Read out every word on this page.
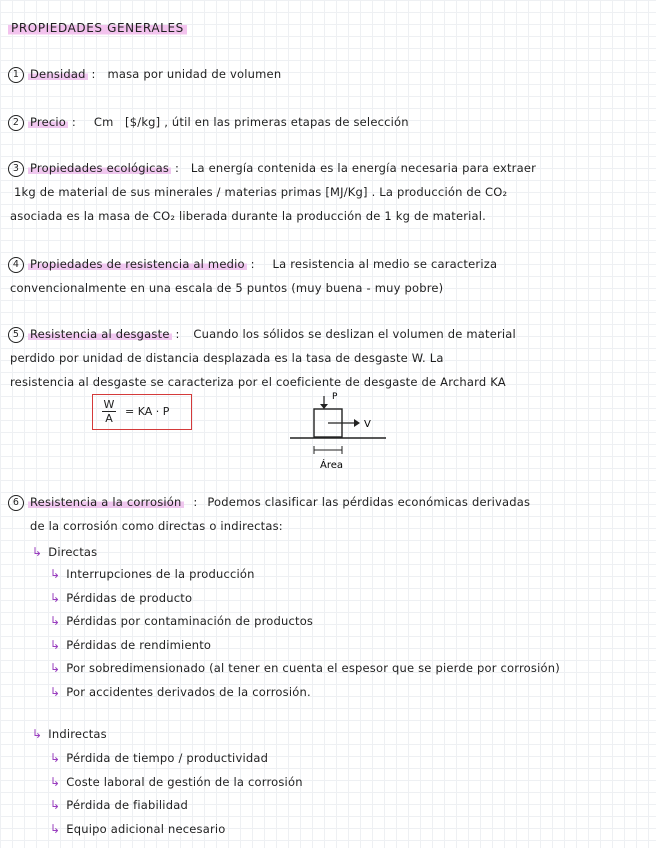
PROPIEDADES GENERALES
1 Densidad : masa por unidad de volumen
2 Precio : Cm   [$/kg] , útil en las primeras etapas de selección
3 Propiedades ecológicas : La energía contenida es la energía necesaria para extraer
1kg de material de sus minerales / materias primas [MJ/Kg] . La producción de CO₂
asociada es la masa de CO₂ liberada durante la producción de 1 kg de material.
4 Propiedades de resistencia al medio : La resistencia al medio se caracteriza
convencionalmente en una escala de 5 puntos (muy buena - muy pobre)
5 Resistencia al desgaste : Cuando los sólidos se deslizan el volumen de material
perdido por unidad de distancia desplazada es la tasa de desgaste W. La
resistencia al desgaste se caracteriza por el coeficiente de desgaste de Archard KA
$\frac{W}{A}$ = KA · P
P
V
Área
6 Resistencia a la corrosión : Podemos clasificar las pérdidas económicas derivadas
de la corrosión como directas o indirectas:
↳ Directas
↳ Interrupciones de la producción
↳ Pérdidas de producto
↳ Pérdidas por contaminación de productos
↳ Pérdidas de rendimiento
↳ Por sobredimensionado (al tener en cuenta el espesor que se pierde por corrosión)
↳ Por accidentes derivados de la corrosión.
↳ Indirectas
↳ Pérdida de tiempo / productividad
↳ Coste laboral de gestión de la corrosión
↳ Pérdida de fiabilidad
↳ Equipo adicional necesario
